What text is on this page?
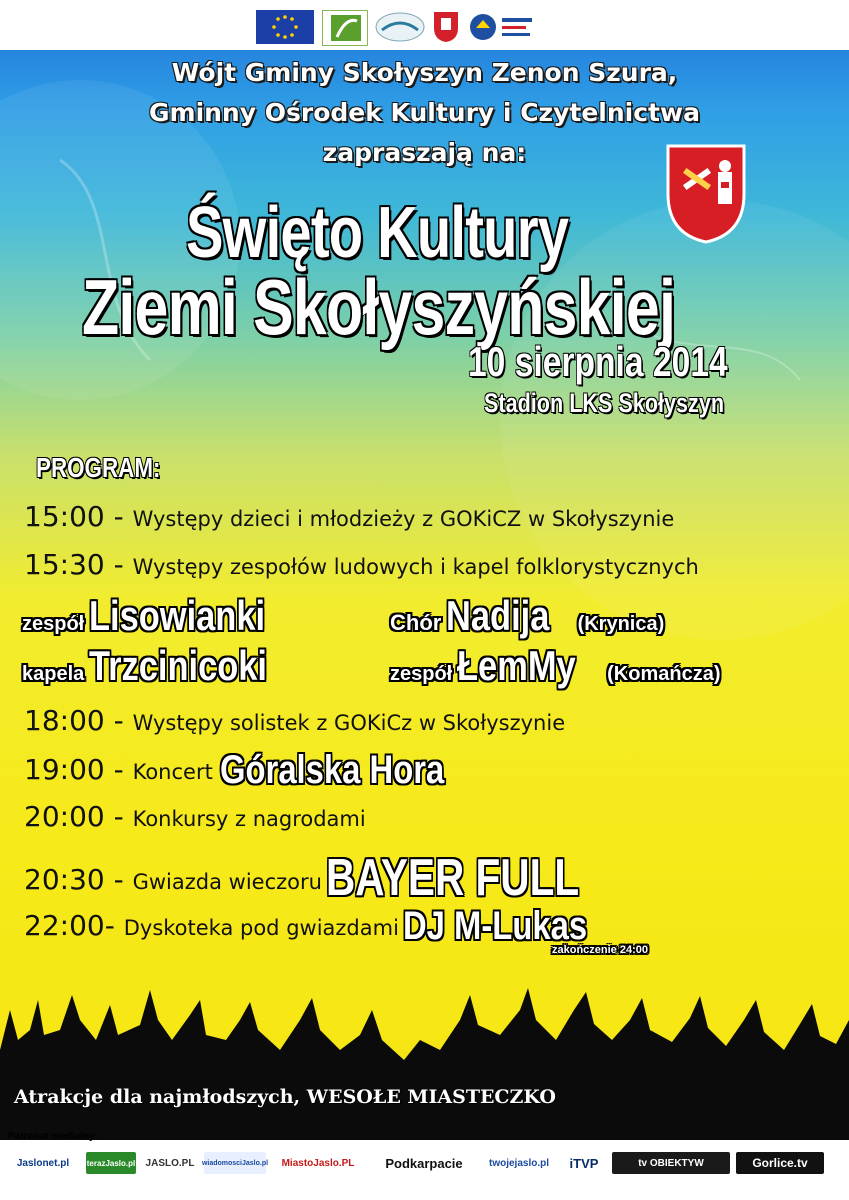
Wójt Gminy Skołyszyn Zenon Szura,
Gminny Ośrodek Kultury i Czytelnictwa
zapraszają na:
Święto Kultury
Ziemi Skołyszyńskiej
10 sierpnia 2014
Stadion LKS Skołyszyn
PROGRAM:
15:00 - Występy dzieci i młodzieży z GOKiCZ w Skołyszynie
15:30 - Występy zespołów ludowych i kapel folklorystycznych
zespół Lisowianki	Chór Nadija (Krynica)
kapela Trzcinicoki	zespół ŁemMy (Komańcza)
18:00 - Występy solistek z GOKiCz w Skołyszynie
19:00 - Koncert Góralska Hora
20:00 - Konkursy z nagrodami
20:30 - Gwiazda wieczoruBAYER FULL
22:00- Dyskoteka pod gwiazdami DJ M-Lukas
zakończenie 24:00
Atrakcje dla najmłodszych, WESOŁE MIASTECZKO
Patronat medialny:
Jaslonet.pl	terazJaslo.pl	JASLO.PL	wiadomosciJaslo.pl	MiastoJaslo.PL	Podkarpacie	twojejaslo.pl	iTVP	tv OBIEKTYW	Gorlice.tv
